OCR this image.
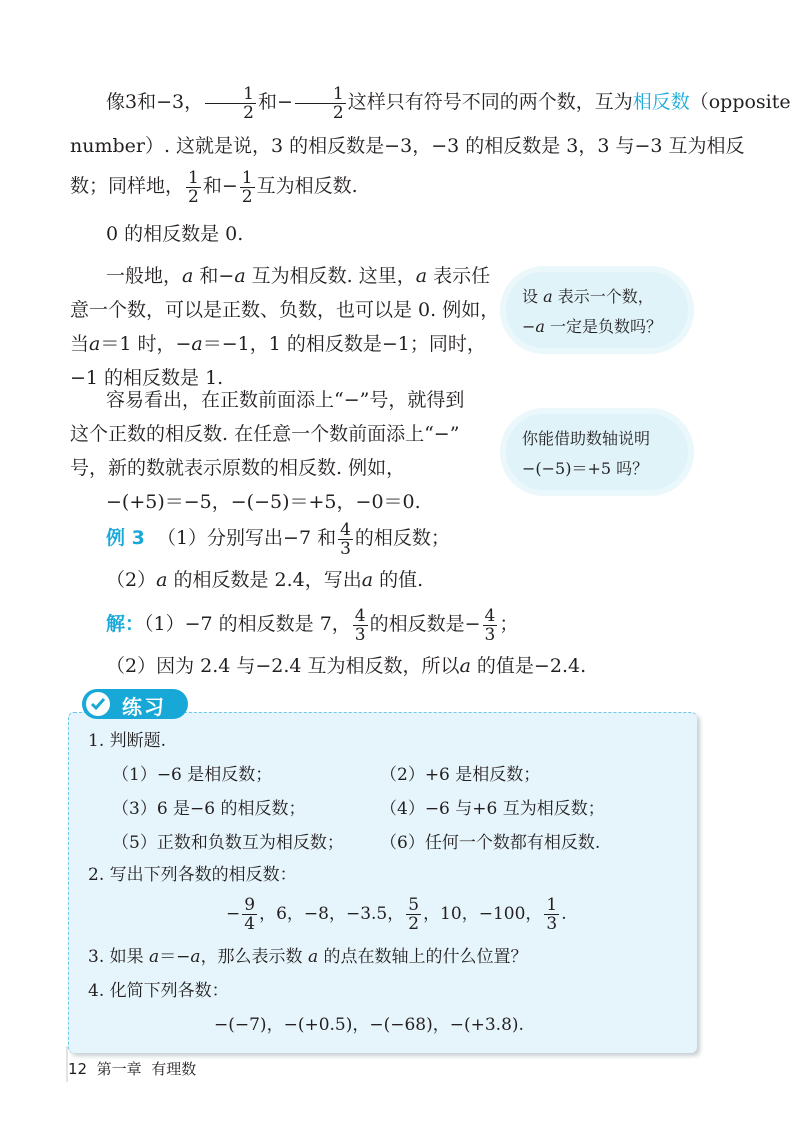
像3和−3， $\frac{1}{2}$ 和− $\frac{1}{2}$ 这样只有符号不同的两个数，互为相反数（opposite
number）. 这就是说，3 的相反数是−3，−3 的相反数是 3，3 与−3 互为相反
数；同样地， $\frac{1}{2}$ 和− $\frac{1}{2}$ 互为相反数.
0 的相反数是 0.
一般地，a 和−a 互为相反数. 这里，a 表示任
意一个数，可以是正数、负数，也可以是 0. 例如，
当a＝1 时，−a＝−1，1 的相反数是−1；同时，
−1 的相反数是 1.
容易看出，在正数前面添上“−”号，就得到
这个正数的相反数. 在任意一个数前面添上“−”
号，新的数就表示原数的相反数. 例如，
−(+5)＝−5，−(−5)＝+5，−0＝0.
设 a 表示一个数，
−a 一定是负数吗？
你能借助数轴说明
−(−5)＝+5 吗？
例 3 （1）分别写出−7 和 $\frac{4}{3}$ 的相反数；
（2）a 的相反数是 2.4，写出a 的值.
解：（1）−7 的相反数是 7， $\frac{4}{3}$ 的相反数是− $\frac{4}{3}$ ；
（2）因为 2.4 与−2.4 互为相反数，所以a 的值是−2.4.
练习
1. 判断题.
（1）−6 是相反数；	（2）+6 是相反数；
（3）6 是−6 的相反数；	（4）−6 与+6 互为相反数；
（5）正数和负数互为相反数； （6）任何一个数都有相反数.
2. 写出下列各数的相反数：
− $\frac{9}{4}$ ，6，−8，−3.5， $\frac{5}{2}$ ，10，−100， $\frac{1}{3}$ .
3. 如果 a＝−a，那么表示数 a 的点在数轴上的什么位置？
4. 化简下列各数：
−(−7)，−(+0.5)，−(−68)，−(+3.8).
12 第一章 有理数
